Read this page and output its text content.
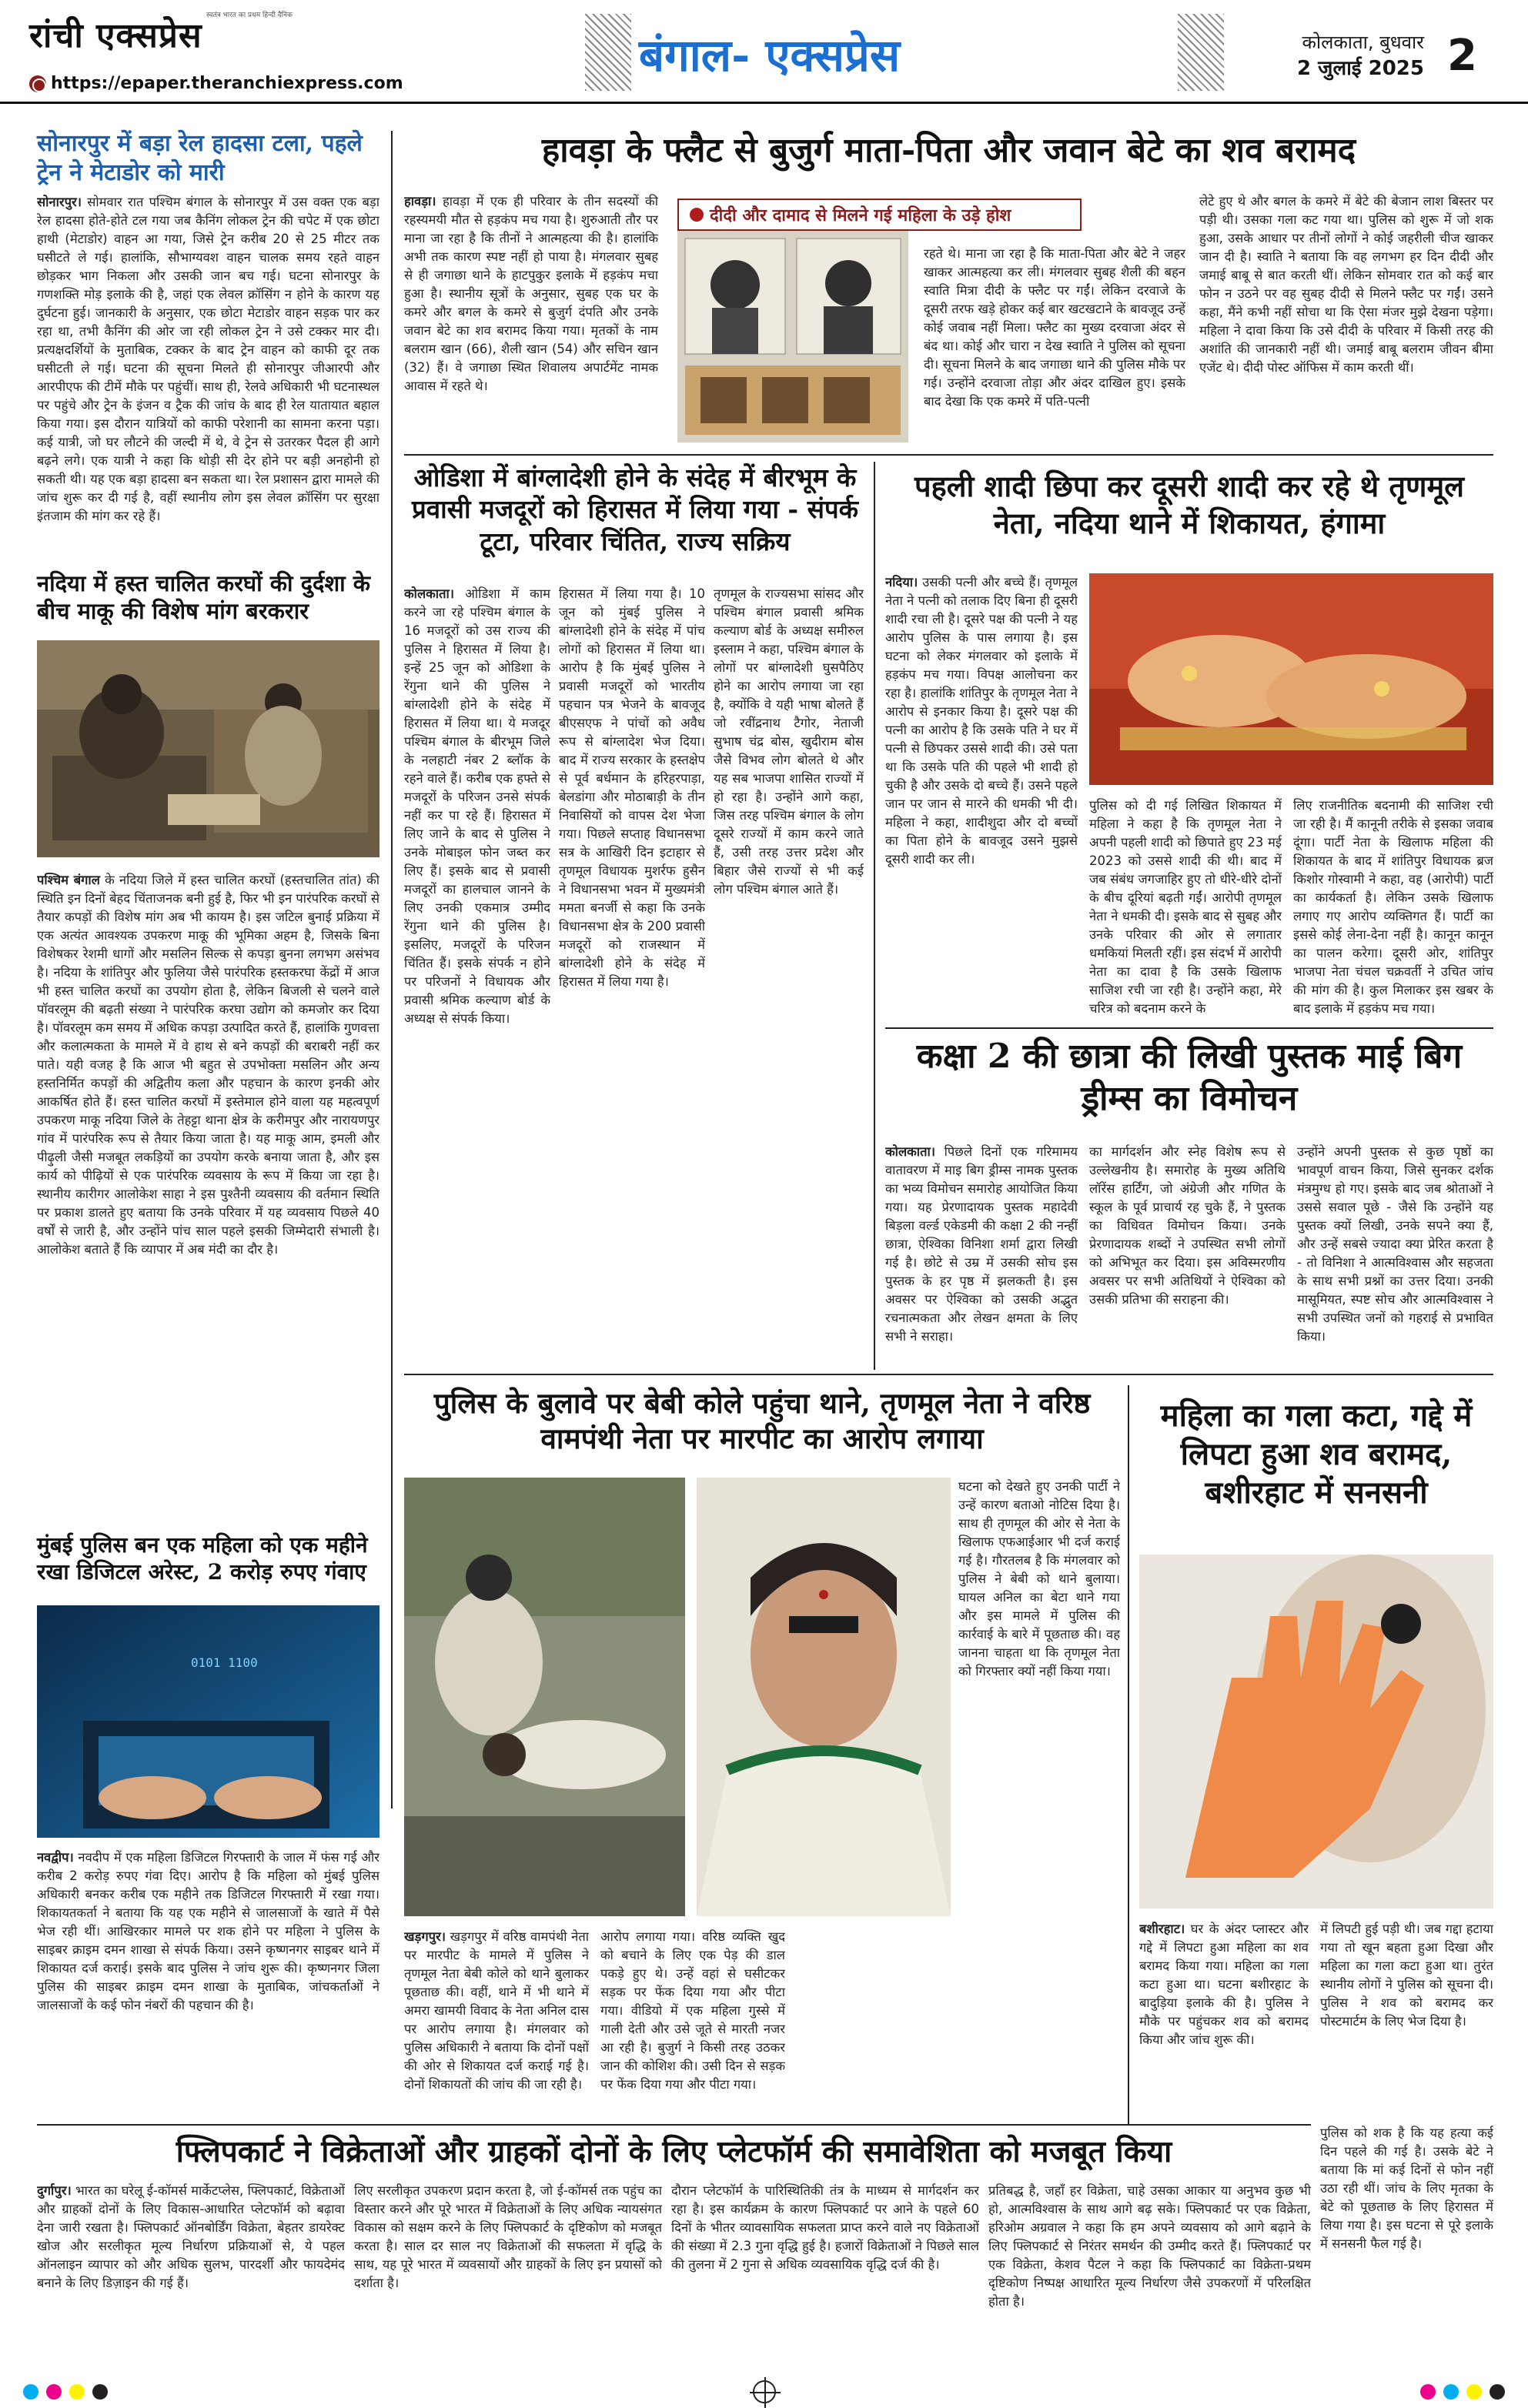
रांची एक्सप्रेस
स्वतंत्र भारत का प्रथम हिन्दी दैनिक
https://epaper.theranchiexpress.com
बंगाल- एक्सप्रेस	कोलकाता, बुधवार
2 जुलाई 2025 2
सोनारपुर में बड़ा रेल हादसा टला, पहले ट्रेन ने मेटाडोर को मारी
सोनारपुर। सोमवार रात पश्चिम बंगाल के सोनारपुर में उस वक्त एक बड़ा रेल हादसा होते-होते टल गया जब कैनिंग लोकल ट्रेन की चपेट में एक छोटा हाथी (मेटाडोर) वाहन आ गया, जिसे ट्रेन करीब 20 से 25 मीटर तक घसीटते ले गई। हालांकि, सौभाग्यवश वाहन चालक समय रहते वाहन छोड़कर भाग निकला और उसकी जान बच गई। घटना सोनारपुर के गणशक्ति मोड़ इलाके की है, जहां एक लेवल क्रॉसिंग न होने के कारण यह दुर्घटना हुई। जानकारी के अनुसार, एक छोटा मेटाडोर वाहन सड़क पार कर रहा था, तभी कैनिंग की ओर जा रही लोकल ट्रेन ने उसे टक्कर मार दी। प्रत्यक्षदर्शियों के मुताबिक, टक्कर के बाद ट्रेन वाहन को काफी दूर तक घसीटती ले गई। घटना की सूचना मिलते ही सोनारपुर जीआरपी और आरपीएफ की टीमें मौके पर पहुंचीं। साथ ही, रेलवे अधिकारी भी घटनास्थल पर पहुंचे और ट्रेन के इंजन व ट्रैक की जांच के बाद ही रेल यातायात बहाल किया गया। इस दौरान यात्रियों को काफी परेशानी का सामना करना पड़ा। कई यात्री, जो घर लौटने की जल्दी में थे, वे ट्रेन से उतरकर पैदल ही आगे बढ़ने लगे। एक यात्री ने कहा कि थोड़ी सी देर होने पर बड़ी अनहोनी हो सकती थी। यह एक बड़ा हादसा बन सकता था। रेल प्रशासन द्वारा मामले की जांच शुरू कर दी गई है, वहीं स्थानीय लोग इस लेवल क्रॉसिंग पर सुरक्षा इंतजाम की मांग कर रहे हैं।
नदिया में हस्त चालित करघों की दुर्दशा के बीच माकू की विशेष मांग बरकरार
पश्चिम बंगाल के नदिया जिले में हस्त चालित करघों (हस्तचालित तांत) की स्थिति इन दिनों बेहद चिंताजनक बनी हुई है, फिर भी इन पारंपरिक करघों से तैयार कपड़ों की विशेष मांग अब भी कायम है। इस जटिल बुनाई प्रक्रिया में एक अत्यंत आवश्यक उपकरण माकू की भूमिका अहम है, जिसके बिना विशेषकर रेशमी धागों और मसलिन सिल्क से कपड़ा बुनना लगभग असंभव है। नदिया के शांतिपुर और फुलिया जैसे पारंपरिक हस्तकरघा केंद्रों में आज भी हस्त चालित करघों का उपयोग होता है, लेकिन बिजली से चलने वाले पॉवरलूम की बढ़ती संख्या ने पारंपरिक करघा उद्योग को कमजोर कर दिया है। पॉवरलूम कम समय में अधिक कपड़ा उत्पादित करते हैं, हालांकि गुणवत्ता और कलात्मकता के मामले में वे हाथ से बने कपड़ों की बराबरी नहीं कर पाते। यही वजह है कि आज भी बहुत से उपभोक्ता मसलिन और अन्य हस्तनिर्मित कपड़ों की अद्वितीय कला और पहचान के कारण इनकी ओर आकर्षित होते हैं। हस्त चालित करघों में इस्तेमाल होने वाला यह महत्वपूर्ण उपकरण माकू नदिया जिले के तेहट्टा थाना क्षेत्र के करीमपुर और नारायणपुर गांव में पारंपरिक रूप से तैयार किया जाता है। यह माकू आम, इमली और पीढ़ुली जैसी मजबूत लकड़ियों का उपयोग करके बनाया जाता है, और इस कार्य को पीढ़ियों से एक पारंपरिक व्यवसाय के रूप में किया जा रहा है। स्थानीय कारीगर आलोकेश साहा ने इस पुश्तैनी व्यवसाय की वर्तमान स्थिति पर प्रकाश डालते हुए बताया कि उनके परिवार में यह व्यवसाय पिछले 40 वर्षों से जारी है, और उन्होंने पांच साल पहले इसकी जिम्मेदारी संभाली है। आलोकेश बताते हैं कि व्यापार में अब मंदी का दौर है।
मुंबई पुलिस बन एक महिला को एक महीने रखा डिजिटल अरेस्ट, 2 करोड़ रुपए गंवाए
0101 1100
नवद्वीप। नवदीप में एक महिला डिजिटल गिरफ्तारी के जाल में फंस गई और करीब 2 करोड़ रुपए गंवा दिए। आरोप है कि महिला को मुंबई पुलिस अधिकारी बनकर करीब एक महीने तक डिजिटल गिरफ्तारी में रखा गया। शिकायतकर्ता ने बताया कि यह एक महीने से जालसाजों के खाते में पैसे भेज रही थीं। आखिरकार मामले पर शक होने पर महिला ने पुलिस के साइबर क्राइम दमन शाखा से संपर्क किया। उसने कृष्णनगर साइबर थाने में शिकायत दर्ज कराई। इसके बाद पुलिस ने जांच शुरू की। कृष्णनगर जिला पुलिस की साइबर क्राइम दमन शाखा के मुताबिक, जांचकर्ताओं ने जालसाजों के कई फोन नंबरों की पहचान की है।
हावड़ा के फ्लैट से बुजुर्ग माता-पिता और जवान बेटे का शव बरामद
हावड़ा। हावड़ा में एक ही परिवार के तीन सदस्यों की रहस्यमयी मौत से हड़कंप मच गया है। शुरुआती तौर पर माना जा रहा है कि तीनों ने आत्महत्या की है। हालांकि अभी तक कारण स्पष्ट नहीं हो पाया है। मंगलवार सुबह से ही जगाछा थाने के हाटपुकुर इलाके में हड़कंप मचा हुआ है। स्थानीय सूत्रों के अनुसार, सुबह एक घर के कमरे और बगल के कमरे से बुजुर्ग दंपति और उनके जवान बेटे का शव बरामद किया गया। मृतकों के नाम बलराम खान (66), शैली खान (54) और सचिन खान (32) हैं। वे जगाछा स्थित शिवालय अपार्टमेंट नामक आवास में रहते थे।
दीदी और दामाद से मिलने गई महिला के उड़े होश
रहते थे। माना जा रहा है कि माता-पिता और बेटे ने जहर खाकर आत्महत्या कर ली। मंगलवार सुबह शैली की बहन स्वाति मित्रा दीदी के फ्लैट पर गईं। लेकिन दरवाजे के दूसरी तरफ खड़े होकर कई बार खटखटाने के बावजूद उन्हें कोई जवाब नहीं मिला। फ्लैट का मुख्य दरवाजा अंदर से बंद था। कोई और चारा न देख स्वाति ने पुलिस को सूचना दी। सूचना मिलने के बाद जगाछा थाने की पुलिस मौके पर गई। उन्होंने दरवाजा तोड़ा और अंदर दाखिल हुए। इसके बाद देखा कि एक कमरे में पति-पत्नी
लेटे हुए थे और बगल के कमरे में बेटे की बेजान लाश बिस्तर पर पड़ी थी। उसका गला कट गया था। पुलिस को शुरू में जो शक हुआ, उसके आधार पर तीनों लोगों ने कोई जहरीली चीज खाकर जान दी है। स्वाति ने बताया कि वह लगभग हर दिन दीदी और जमाई बाबू से बात करती थीं। लेकिन सोमवार रात को कई बार फोन न उठने पर वह सुबह दीदी से मिलने फ्लैट पर गईं। उसने कहा, मैंने कभी नहीं सोचा था कि ऐसा मंजर मुझे देखना पड़ेगा। महिला ने दावा किया कि उसे दीदी के परिवार में किसी तरह की अशांति की जानकारी नहीं थी। जमाई बाबू बलराम जीवन बीमा एजेंट थे। दीदी पोस्ट ऑफिस में काम करती थीं।
ओडिशा में बांग्लादेशी होने के संदेह में बीरभूम के प्रवासी मजदूरों को हिरासत में लिया गया - संपर्क टूटा, परिवार चिंतित, राज्य सक्रिय
कोलकाता। ओडिशा में काम करने जा रहे पश्चिम बंगाल के 16 मजदूरों को उस राज्य की पुलिस ने हिरासत में लिया है। इन्हें 25 जून को ओडिशा के रेंगुना थाने की पुलिस ने बांग्लादेशी होने के संदेह में हिरासत में लिया था। ये मजदूर पश्चिम बंगाल के बीरभूम जिले के नलहाटी नंबर 2 ब्लॉक के रहने वाले हैं। करीब एक हफ्ते से मजदूरों के परिजन उनसे संपर्क नहीं कर पा रहे हैं। हिरासत में लिए जाने के बाद से पुलिस ने उनके मोबाइल फोन जब्त कर लिए हैं। इसके बाद से प्रवासी मजदूरों का हालचाल जानने के लिए उनकी एकमात्र उम्मीद रेंगुना थाने की पुलिस है। इसलिए, मजदूरों के परिजन चिंतित हैं। इसके संपर्क न होने पर परिजनों ने विधायक और प्रवासी श्रमिक कल्याण बोर्ड के अध्यक्ष से संपर्क किया।
हिरासत में लिया गया है। 10 जून को मुंबई पुलिस ने बांग्लादेशी होने के संदेह में पांच लोगों को हिरासत में लिया था। आरोप है कि मुंबई पुलिस ने प्रवासी मजदूरों को भारतीय पहचान पत्र भेजने के बावजूद बीएसएफ ने पांचों को अवैध रूप से बांग्लादेश भेज दिया। बाद में राज्य सरकार के हस्तक्षेप से पूर्व बर्धमान के हरिहरपाड़ा, बेलडांगा और मोठाबाड़ी के तीन निवासियों को वापस देश भेजा गया। पिछले सप्ताह विधानसभा सत्र के आखिरी दिन इटाहार से तृणमूल विधायक मुशर्रफ हुसैन ने विधानसभा भवन में मुख्यमंत्री ममता बनर्जी से कहा कि उनके विधानसभा क्षेत्र के 200 प्रवासी मजदूरों को राजस्थान में बांग्लादेशी होने के संदेह में हिरासत में लिया गया है।
तृणमूल के राज्यसभा सांसद और पश्चिम बंगाल प्रवासी श्रमिक कल्याण बोर्ड के अध्यक्ष समीरुल इस्लाम ने कहा, पश्चिम बंगाल के लोगों पर बांग्लादेशी घुसपैठिए होने का आरोप लगाया जा रहा है, क्योंकि वे यही भाषा बोलते हैं जो रवींद्रनाथ टैगोर, नेताजी सुभाष चंद्र बोस, खुदीराम बोस जैसे विभव लोग बोलते थे और यह सब भाजपा शासित राज्यों में हो रहा है। उन्होंने आगे कहा, जिस तरह पश्चिम बंगाल के लोग दूसरे राज्यों में काम करने जाते हैं, उसी तरह उत्तर प्रदेश और बिहार जैसे राज्यों से भी कई लोग पश्चिम बंगाल आते हैं।
पहली शादी छिपा कर दूसरी शादी कर रहे थे तृणमूल नेता, नदिया थाने में शिकायत, हंगामा
नदिया। उसकी पत्नी और बच्चे हैं। तृणमूल नेता ने पत्नी को तलाक दिए बिना ही दूसरी शादी रचा ली है। दूसरे पक्ष की पत्नी ने यह आरोप पुलिस के पास लगाया है। इस घटना को लेकर मंगलवार को इलाके में हड़कंप मच गया। विपक्ष आलोचना कर रहा है। हालांकि शांतिपुर के तृणमूल नेता ने आरोप से इनकार किया है। दूसरे पक्ष की पत्नी का आरोप है कि उसके पति ने घर में पत्नी से छिपकर उससे शादी की। उसे पता था कि उसके पति की पहले भी शादी हो चुकी है और उसके दो बच्चे हैं। उसने पहले जान पर जान से मारने की धमकी भी दी। महिला ने कहा, शादीशुदा और दो बच्चों का पिता होने के बावजूद उसने मुझसे दूसरी शादी कर ली।
पुलिस को दी गई लिखित शिकायत में महिला ने कहा है कि तृणमूल नेता ने अपनी पहली शादी को छिपाते हुए 23 मई 2023 को उससे शादी की थी। बाद में जब संबंध जगजाहिर हुए तो धीरे-धीरे दोनों के बीच दूरियां बढ़ती गईं। आरोपी तृणमूल नेता ने धमकी दी। इसके बाद से सुबह और उनके परिवार की ओर से लगातार धमकियां मिलती रहीं। इस संदर्भ में आरोपी नेता का दावा है कि उसके खिलाफ साजिश रची जा रही है। उन्होंने कहा, मेरे चरित्र को बदनाम करने के
लिए राजनीतिक बदनामी की साजिश रची जा रही है। मैं कानूनी तरीके से इसका जवाब दूंगा। पार्टी नेता के खिलाफ महिला की शिकायत के बाद में शांतिपुर विधायक ब्रज किशोर गोस्वामी ने कहा, वह (आरोपी) पार्टी का कार्यकर्ता है। लेकिन उसके खिलाफ लगाए गए आरोप व्यक्तिगत हैं। पार्टी का इससे कोई लेना-देना नहीं है। कानून कानून का पालन करेगा। दूसरी ओर, शांतिपुर भाजपा नेता चंचल चक्रवर्ती ने उचित जांच की मांग की है। कुल मिलाकर इस खबर के बाद इलाके में हड़कंप मच गया।
कक्षा 2 की छात्रा की लिखी पुस्तक माई बिग ड्रीम्स का विमोचन
कोलकाता। पिछले दिनों एक गरिमामय वातावरण में माइ बिग ड्रीम्स नामक पुस्तक का भव्य विमोचन समारोह आयोजित किया गया। यह प्रेरणादायक पुस्तक महादेवी बिड़ला वर्ल्ड एकेडमी की कक्षा 2 की नन्हीं छात्रा, ऐश्विका विनिशा शर्मा द्वारा लिखी गई है। छोटे से उम्र में उसकी सोच इस पुस्तक के हर पृष्ठ में झलकती है। इस अवसर पर ऐश्विका को उसकी अद्भुत रचनात्मकता और लेखन क्षमता के लिए सभी ने सराहा।
का मार्गदर्शन और स्नेह विशेष रूप से उल्लेखनीय है। समारोह के मुख्य अतिथि लॉरेंस हार्टिंग, जो अंग्रेजी और गणित के स्कूल के पूर्व प्राचार्य रह चुके हैं, ने पुस्तक का विधिवत विमोचन किया। उनके प्रेरणादायक शब्दों ने उपस्थित सभी लोगों को अभिभूत कर दिया। इस अविस्मरणीय अवसर पर सभी अतिथियों ने ऐश्विका को उसकी प्रतिभा की सराहना की।
उन्होंने अपनी पुस्तक से कुछ पृष्ठों का भावपूर्ण वाचन किया, जिसे सुनकर दर्शक मंत्रमुग्ध हो गए। इसके बाद जब श्रोताओं ने उससे सवाल पूछे - जैसे कि उन्होंने यह पुस्तक क्यों लिखी, उनके सपने क्या हैं, और उन्हें सबसे ज्यादा क्या प्रेरित करता है - तो विनिशा ने आत्मविश्वास और सहजता के साथ सभी प्रश्नों का उत्तर दिया। उनकी मासूमियत, स्पष्ट सोच और आत्मविश्वास ने सभी उपस्थित जनों को गहराई से प्रभावित किया।
पुलिस के बुलावे पर बेबी कोले पहुंचा थाने, तृणमूल नेता ने वरिष्ठ वामपंथी नेता पर मारपीट का आरोप लगाया
घटना को देखते हुए उनकी पार्टी ने उन्हें कारण बताओ नोटिस दिया है। साथ ही तृणमूल की ओर से नेता के खिलाफ एफआईआर भी दर्ज कराई गई है। गौरतलब है कि मंगलवार को पुलिस ने बेबी को थाने बुलाया। घायल अनिल का बेटा थाने गया और इस मामले में पुलिस की कार्रवाई के बारे में पूछताछ की। वह जानना चाहता था कि तृणमूल नेता को गिरफ्तार क्यों नहीं किया गया।
खड़गपुर। खड़गपुर में वरिष्ठ वामपंथी नेता पर मारपीट के मामले में पुलिस ने तृणमूल नेता बेबी कोले को थाने बुलाकर पूछताछ की। वहीं, थाने में भी थाने में अमरा खामयी विवाद के नेता अनिल दास पर आरोप लगाया है। मंगलवार को पुलिस अधिकारी ने बताया कि दोनों पक्षों की ओर से शिकायत दर्ज कराई गई है। दोनों शिकायतों की जांच की जा रही है।
आरोप लगाया गया। वरिष्ठ व्यक्ति खुद को बचाने के लिए एक पेड़ की डाल पकड़े हुए थे। उन्हें वहां से घसीटकर सड़क पर फेंक दिया गया और पीटा गया। वीडियो में एक महिला गुस्से में गाली देती और उसे जूते से मारती नजर आ रही है। बुजुर्ग ने किसी तरह उठकर जान की कोशिश की। उसी दिन से सड़क पर फेंक दिया गया और पीटा गया।
महिला का गला कटा, गद्दे में लिपटा हुआ शव बरामद, बशीरहाट में सनसनी
बशीरहाट। घर के अंदर प्लास्टर और गद्दे में लिपटा हुआ महिला का शव बरामद किया गया। महिला का गला कटा हुआ था। घटना बशीरहाट के बादुड़िया इलाके की है। पुलिस ने मौके पर पहुंचकर शव को बरामद किया और जांच शुरू की।
में लिपटी हुई पड़ी थी। जब गद्दा हटाया गया तो खून बहता हुआ दिखा और महिला का गला कटा हुआ था। तुरंत स्थानीय लोगों ने पुलिस को सूचना दी। पुलिस ने शव को बरामद कर पोस्टमार्टम के लिए भेज दिया है।
पुलिस को शक है कि यह हत्या कई दिन पहले की गई है। उसके बेटे ने बताया कि मां कई दिनों से फोन नहीं उठा रही थीं। जांच के लिए मृतका के बेटे को पूछताछ के लिए हिरासत में लिया गया है। इस घटना से पूरे इलाके में सनसनी फैल गई है।
फ्लिपकार्ट ने विक्रेताओं और ग्राहकों दोनों के लिए प्लेटफॉर्म की समावेशिता को मजबूत किया
दुर्गापुर। भारत का घरेलू ई-कॉमर्स मार्केटप्लेस, फ्लिपकार्ट, विक्रेताओं और ग्राहकों दोनों के लिए विकास-आधारित प्लेटफॉर्म को बढ़ावा देना जारी रखता है। फ्लिपकार्ट ऑनबोर्डिंग विक्रेता, बेहतर डायरेक्ट खोज और सरलीकृत मूल्य निर्धारण प्रक्रियाओं से, ये पहल ऑनलाइन व्यापार को और अधिक सुलभ, पारदर्शी और फायदेमंद बनाने के लिए डिज़ाइन की गई हैं।
लिए सरलीकृत उपकरण प्रदान करता है, जो ई-कॉमर्स तक पहुंच का विस्तार करने और पूरे भारत में विक्रेताओं के लिए अधिक न्यायसंगत विकास को सक्षम करने के लिए फ्लिपकार्ट के दृष्टिकोण को मजबूत करता है। साल दर साल नए विक्रेताओं की सफलता में वृद्धि के साथ, यह पूरे भारत में व्यवसायों और ग्राहकों के लिए इन प्रयासों को दर्शाता है।
दौरान प्लेटफॉर्म के पारिस्थितिकी तंत्र के माध्यम से मार्गदर्शन कर रहा है। इस कार्यक्रम के कारण फ्लिपकार्ट पर आने के पहले 60 दिनों के भीतर व्यावसायिक सफलता प्राप्त करने वाले नए विक्रेताओं की संख्या में 2.3 गुना वृद्धि हुई है। हजारों विक्रेताओं ने पिछले साल की तुलना में 2 गुना से अधिक व्यवसायिक वृद्धि दर्ज की है।
प्रतिबद्ध है, जहाँ हर विक्रेता, चाहे उसका आकार या अनुभव कुछ भी हो, आत्मविश्वास के साथ आगे बढ़ सके। फ्लिपकार्ट पर एक विक्रेता, हरिओम अग्रवाल ने कहा कि हम अपने व्यवसाय को आगे बढ़ाने के लिए फ्लिपकार्ट से निरंतर समर्थन की उम्मीद करते हैं। फ्लिपकार्ट पर एक विक्रेता, केशव पैटल ने कहा कि फ्लिपकार्ट का विक्रेता-प्रथम दृष्टिकोण निष्पक्ष आधारित मूल्य निर्धारण जैसे उपकरणों में परिलक्षित होता है।
